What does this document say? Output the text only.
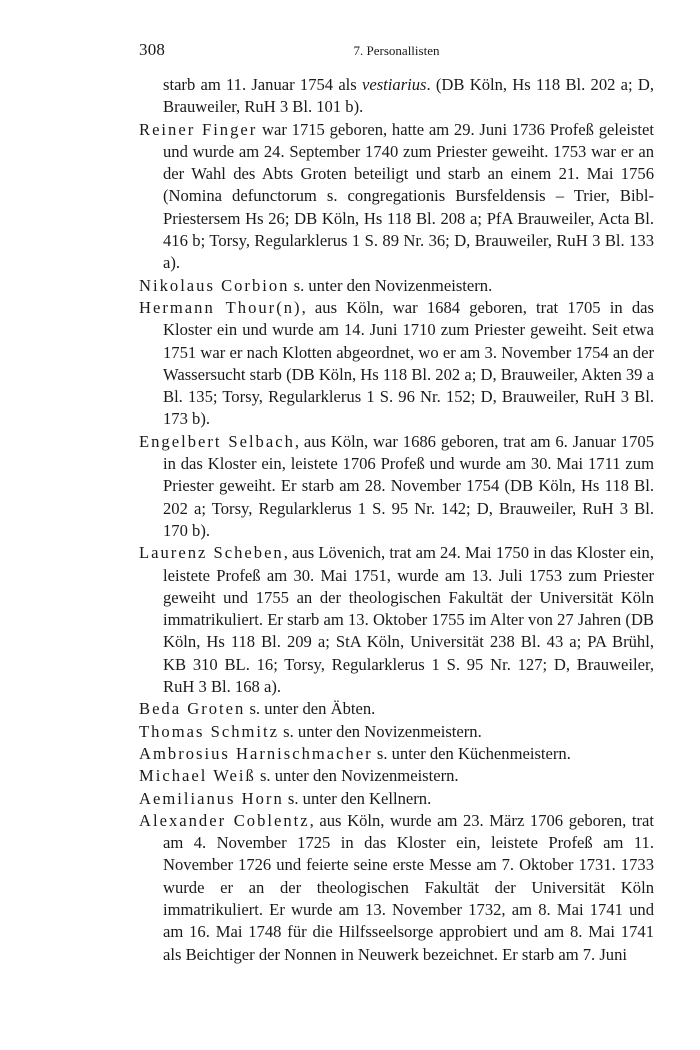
308	7. Personallisten

starb am 11. Januar 1754 als vestiarius. (DB Köln, Hs 118 Bl. 202 a; D, Brauweiler, RuH 3 Bl. 101 b).

Reiner Finger war 1715 geboren, hatte am 29. Juni 1736 Profeß geleistet und wurde am 24. September 1740 zum Priester geweiht. 1753 war er an der Wahl des Abts Groten beteiligt und starb an einem 21. Mai 1756 (Nomina defunctorum s. congregationis Bursfeldensis – Trier, Bibl-Priestersem Hs 26; DB Köln, Hs 118 Bl. 208 a; PfA Brauweiler, Acta Bl. 416 b; Torsy, Regularklerus 1 S. 89 Nr. 36; D, Brauweiler, RuH 3 Bl. 133 a).

Nikolaus Corbion s. unter den Novizenmeistern.

Hermann Thour(n), aus Köln, war 1684 geboren, trat 1705 in das Kloster ein und wurde am 14. Juni 1710 zum Priester geweiht. Seit etwa 1751 war er nach Klotten abgeordnet, wo er am 3. November 1754 an der Wassersucht starb (DB Köln, Hs 118 Bl. 202 a; D, Brauweiler, Akten 39 a Bl. 135; Torsy, Regularklerus 1 S. 96 Nr. 152; D, Brauweiler, RuH 3 Bl. 173 b).

Engelbert Selbach, aus Köln, war 1686 geboren, trat am 6. Januar 1705 in das Kloster ein, leistete 1706 Profeß und wurde am 30. Mai 1711 zum Priester geweiht. Er starb am 28. November 1754 (DB Köln, Hs 118 Bl. 202 a; Torsy, Regularklerus 1 S. 95 Nr. 142; D, Brauweiler, RuH 3 Bl. 170 b).

Laurenz Scheben, aus Lövenich, trat am 24. Mai 1750 in das Kloster ein, leistete Profeß am 30. Mai 1751, wurde am 13. Juli 1753 zum Priester geweiht und 1755 an der theologischen Fakultät der Universität Köln immatrikuliert. Er starb am 13. Oktober 1755 im Alter von 27 Jahren (DB Köln, Hs 118 Bl. 209 a; StA Köln, Universität 238 Bl. 43 a; PA Brühl, KB 310 BL. 16; Torsy, Regularklerus 1 S. 95 Nr. 127; D, Brauweiler, RuH 3 Bl. 168 a).

Beda Groten s. unter den Äbten.

Thomas Schmitz s. unter den Novizenmeistern.

Ambrosius Harnischmacher s. unter den Küchenmeistern.

Michael Weiß s. unter den Novizenmeistern.

Aemilianus Horn s. unter den Kellnern.

Alexander Coblentz, aus Köln, wurde am 23. März 1706 geboren, trat am 4. November 1725 in das Kloster ein, leistete Profeß am 11. November 1726 und feierte seine erste Messe am 7. Oktober 1731. 1733 wurde er an der theologischen Fakultät der Universität Köln immatrikuliert. Er wurde am 13. November 1732, am 8. Mai 1741 und am 16. Mai 1748 für die Hilfsseelsorge approbiert und am 8. Mai 1741 als Beichtiger der Nonnen in Neuwerk bezeichnet. Er starb am 7. Juni
